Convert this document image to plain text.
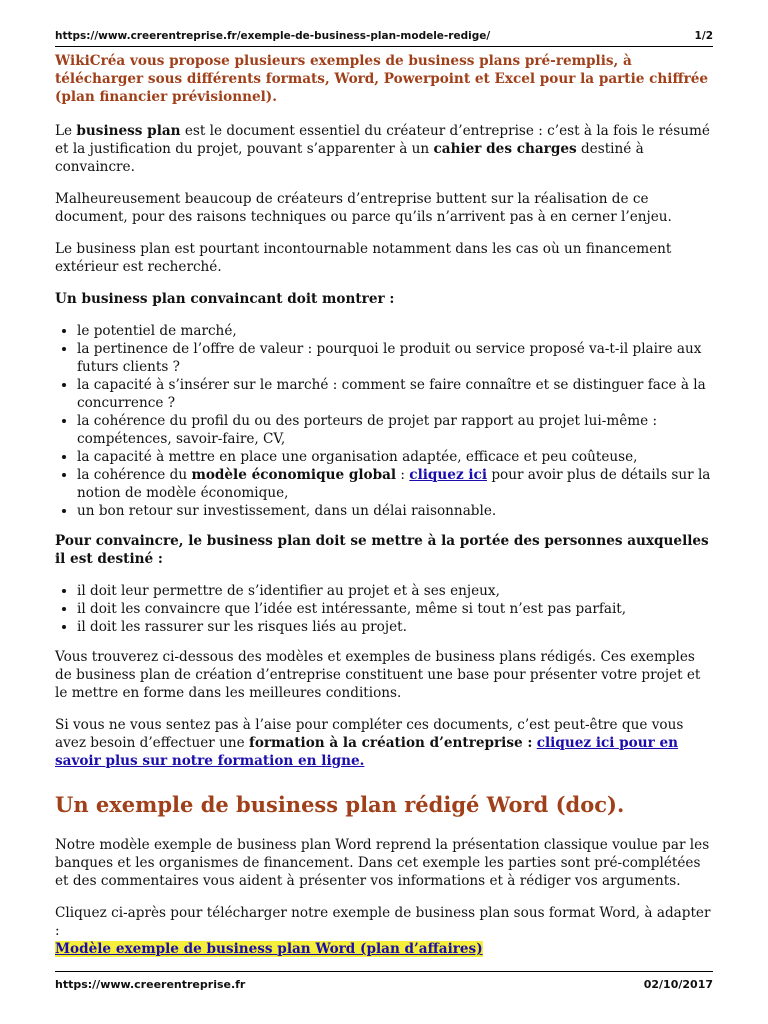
https://www.creerentreprise.fr/exemple-de-business-plan-modele-redige/	1/2

WikiCréa vous propose plusieurs exemples de business plans pré-remplis, à télécharger sous différents formats, Word, Powerpoint et Excel pour la partie chiffrée (plan financier prévisionnel).

Le business plan est le document essentiel du créateur d’entreprise : c’est à la fois le résumé et la justification du projet, pouvant s’apparenter à un cahier des charges destiné à convaincre.

Malheureusement beaucoup de créateurs d’entreprise buttent sur la réalisation de ce document, pour des raisons techniques ou parce qu’ils n’arrivent pas à en cerner l’enjeu.

Le business plan est pourtant incontournable notamment dans les cas où un financement extérieur est recherché.

Un business plan convaincant doit montrer :

• le potentiel de marché,
• la pertinence de l’offre de valeur : pourquoi le produit ou service proposé va-t-il plaire aux futurs clients ?
• la capacité à s’insérer sur le marché : comment se faire connaître et se distinguer face à la concurrence ?
• la cohérence du profil du ou des porteurs de projet par rapport au projet lui-même : compétences, savoir-faire, CV,
• la capacité à mettre en place une organisation adaptée, efficace et peu coûteuse,
• la cohérence du modèle économique global : cliquez ici pour avoir plus de détails sur la notion de modèle économique,
• un bon retour sur investissement, dans un délai raisonnable.

Pour convaincre, le business plan doit se mettre à la portée des personnes auxquelles il est destiné :

• il doit leur permettre de s’identifier au projet et à ses enjeux,
• il doit les convaincre que l’idée est intéressante, même si tout n’est pas parfait,
• il doit les rassurer sur les risques liés au projet.

Vous trouverez ci-dessous des modèles et exemples de business plans rédigés. Ces exemples de business plan de création d’entreprise constituent une base pour présenter votre projet et le mettre en forme dans les meilleures conditions.

Si vous ne vous sentez pas à l’aise pour compléter ces documents, c’est peut-être que vous avez besoin d’effectuer une formation à la création d’entreprise : cliquez ici pour en savoir plus sur notre formation en ligne.

Un exemple de business plan rédigé Word (doc).

Notre modèle exemple de business plan Word reprend la présentation classique voulue par les banques et les organismes de financement. Dans cet exemple les parties sont pré-complétées et des commentaires vous aident à présenter vos informations et à rédiger vos arguments.

Cliquez ci-après pour télécharger notre exemple de business plan sous format Word, à adapter :
Modèle exemple de business plan Word (plan d’affaires)

https://www.creerentreprise.fr	02/10/2017
